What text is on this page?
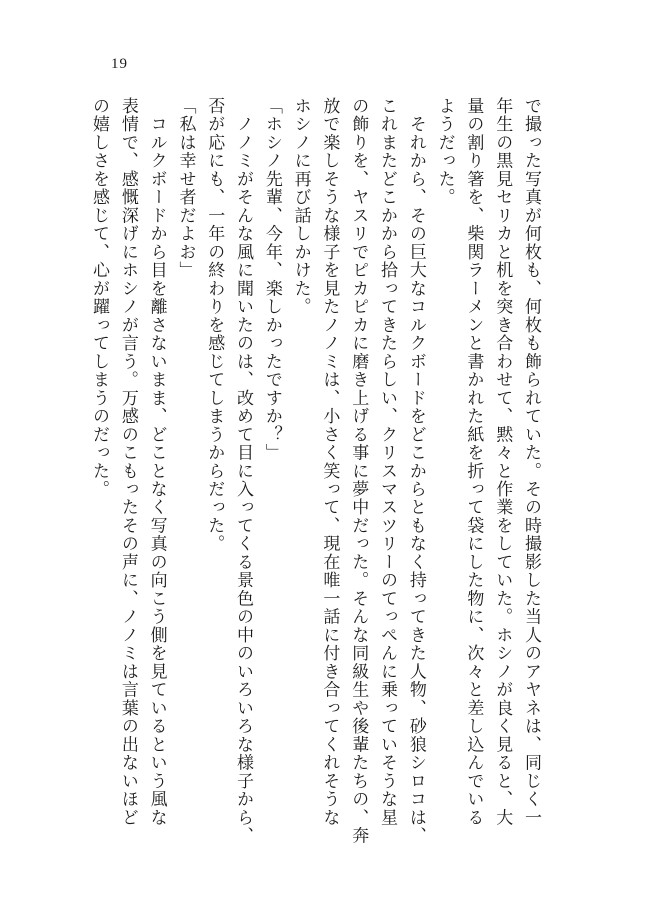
19
で撮った写真が何枚も、何枚も飾られていた。その時撮影した当人のアヤネは、同じく一
年生の黒見セリカと机を突き合わせて、黙々と作業をしていた。ホシノが良く見ると、大
量の割り箸を、柴関ラーメンと書かれた紙を折って袋にした物に、次々と差し込んでいる
ようだった。
　それから、その巨大なコルクボードをどこからともなく持ってきた人物、砂狼シロコは、
これまたどこかから拾ってきたらしい、クリスマスツリーのてっぺんに乗っていそうな星
の飾りを、ヤスリでピカピカに磨き上げる事に夢中だった。そんな同級生や後輩たちの、奔
放で楽しそうな様子を見たノノミは、小さく笑って、現在唯一話に付き合ってくれそうな
ホシノに再び話しかけた。
「ホシノ先輩、今年、楽しかったですか？」
　ノノミがそんな風に聞いたのは、改めて目に入ってくる景色の中のいろいろな様子から、
否が応にも、一年の終わりを感じてしまうからだった。
「私は幸せ者だよお」
　コルクボードから目を離さないまま、どことなく写真の向こう側を見ているという風な
表情で、感慨深げにホシノが言う。万感のこもったその声に、ノノミは言葉の出ないほど
の嬉しさを感じて、心が躍ってしまうのだった。
